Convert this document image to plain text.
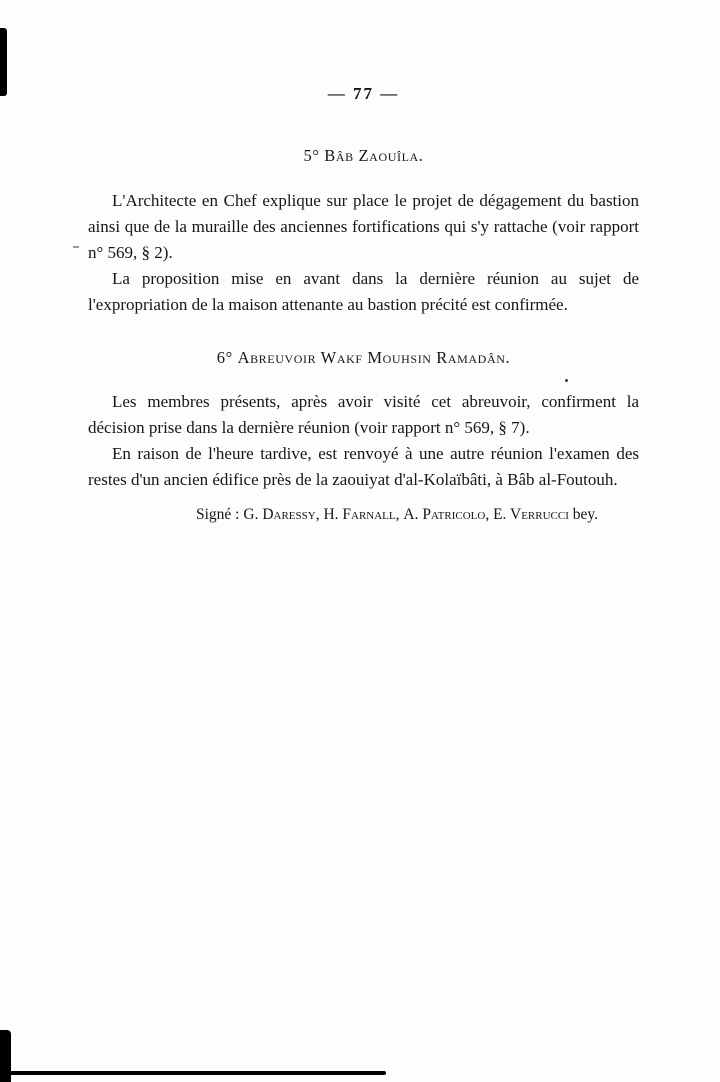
— 77 —
5° Bâb Zaouîla.

L'Architecte en Chef explique sur place le projet de dégagement du bastion ainsi que de la muraille des anciennes fortifications qui s'y rattache (voir rapport n° 569, § 2).

La proposition mise en avant dans la dernière réunion au sujet de l'expropriation de la maison attenante au bastion précité est confirmée.

6° Abreuvoir Wakf Mouhsin Ramadân.

Les membres présents, après avoir visité cet abreuvoir, confirment la décision prise dans la dernière réunion (voir rapport n° 569, § 7).

En raison de l'heure tardive, est renvoyé à une autre réunion l'examen des restes d'un ancien édifice près de la zaouiyat d'al-Kolaïbâti, à Bâb al-Foutouh.

Signé : G. Daressy, H. Farnall, A. Patricolo, E. Verrucci bey.
